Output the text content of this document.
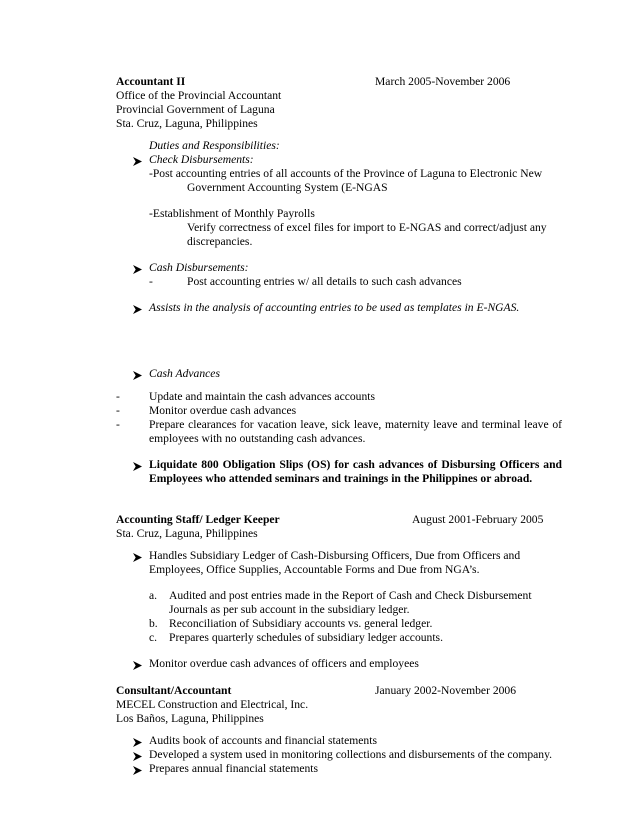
Accountant II	March 2005-November 2006
Office of the Provincial Accountant
Provincial Government of Laguna
Sta. Cruz, Laguna, Philippines
Duties and Responsibilities:
Check Disbursements:
-Post accounting entries of all accounts of the Province of Laguna to Electronic New
Government Accounting System (E-NGAS
-Establishment of Monthly Payrolls
Verify correctness of excel files for import to E-NGAS and correct/adjust any
discrepancies.
Cash Disbursements:
-	Post accounting entries w/ all details to such cash advances
Assists in the analysis of accounting entries to be used as templates in E-NGAS.
Cash Advances
-	Update and maintain the cash advances accounts
-	Monitor overdue cash advances
-	Prepare clearances for vacation leave, sick leave, maternity leave and terminal leave of
employees with no outstanding cash advances.
Liquidate 800 Obligation Slips (OS) for cash advances of Disbursing Officers and
Employees who attended seminars and trainings in the Philippines or abroad.
Accounting Staff/ Ledger Keeper	August 2001-February 2005
Sta. Cruz, Laguna, Philippines
Handles Subsidiary Ledger of Cash-Disbursing Officers, Due from Officers and
Employees, Office Supplies, Accountable Forms and Due from NGA’s.
a. Audited and post entries made in the Report of Cash and Check Disbursement
Journals as per sub account in the subsidiary ledger.
b. Reconciliation of Subsidiary accounts vs. general ledger.
c. Prepares quarterly schedules of subsidiary ledger accounts.
Monitor overdue cash advances of officers and employees
Consultant/Accountant	January 2002-November 2006
MECEL Construction and Electrical, Inc.
Los Baños, Laguna, Philippines
Audits book of accounts and financial statements
Developed a system used in monitoring collections and disbursements of the company.
Prepares annual financial statements
